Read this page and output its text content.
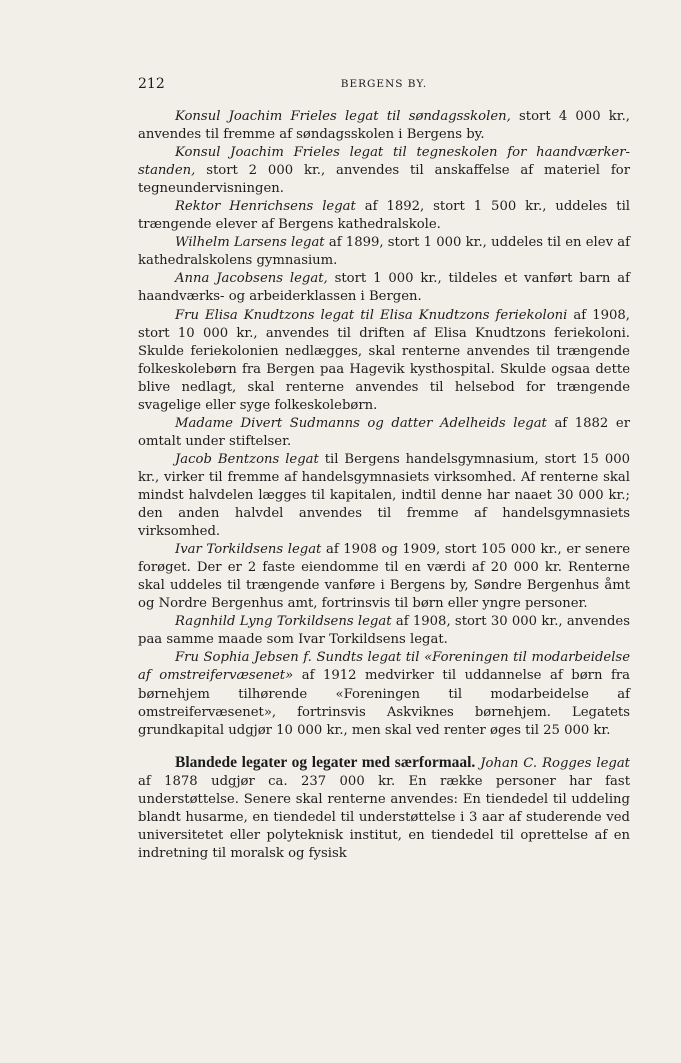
212	BERGENS BY.

Konsul Joachim Frieles legat til søndagsskolen, stort 4 000 kr., anvendes til fremme af søndagsskolen i Bergens by.

Konsul Joachim Frieles legat til tegneskolen for haandværker-standen, stort 2 000 kr., anvendes til anskaffelse af materiel for tegneundervisningen.

Rektor Henrichsens legat af 1892, stort 1 500 kr., uddeles til trængende elever af Bergens kathedralskole.

Wilhelm Larsens legat af 1899, stort 1 000 kr., uddeles til en elev af kathedralskolens gymnasium.

Anna Jacobsens legat, stort 1 000 kr., tildeles et vanført barn af haandværks- og arbeiderklassen i Bergen.

Fru Elisa Knudtzons legat til Elisa Knudtzons feriekoloni af 1908, stort 10 000 kr., anvendes til driften af Elisa Knudtzons feriekoloni. Skulde feriekolonien nedlægges, skal renterne anvendes til trængende folkeskolebørn fra Bergen paa Hagevik kysthospital. Skulde ogsaa dette blive nedlagt, skal renterne anvendes til helsebod for trængende svagelige eller syge folkeskolebørn.

Madame Divert Sudmanns og datter Adelheids legat af 1882 er omtalt under stiftelser.

Jacob Bentzons legat til Bergens handelsgymnasium, stort 15 000 kr., virker til fremme af handelsgymnasiets virksomhed. Af renterne skal mindst halvdelen lægges til kapitalen, indtil denne har naaet 30 000 kr.; den anden halvdel anvendes til fremme af handelsgymnasiets virksomhed.

Ivar Torkildsens legat af 1908 og 1909, stort 105 000 kr., er senere forøget. Der er 2 faste eiendomme til en værdi af 20 000 kr. Renterne skal uddeles til trængende vanføre i Bergens by, Søndre Bergenhus åmt og Nordre Bergenhus amt, fortrinsvis til børn eller yngre personer.

Ragnhild Lyng Torkildsens legat af 1908, stort 30 000 kr., anvendes paa samme maade som Ivar Torkildsens legat.

Fru Sophia Jebsen f. Sundts legat til «Foreningen til modarbeidelse af omstreifervæsenet» af 1912 medvirker til uddannelse af børn fra børnehjem tilhørende «Foreningen til modarbeidelse af omstreifervæsenet», fortrinsvis Askviknes børnehjem. Legatets grundkapital udgjør 10 000 kr., men skal ved renter øges til 25 000 kr.

Blandede legater og legater med særformaal. Johan C. Rogges legat af 1878 udgjør ca. 237 000 kr. En række personer har fast understøttelse. Senere skal renterne anvendes: En tiendedel til uddeling blandt husarme, en tiendedel til understøttelse i 3 aar af studerende ved universitetet eller polyteknisk institut, en tiendedel til oprettelse af en indretning til moralsk og fysisk
